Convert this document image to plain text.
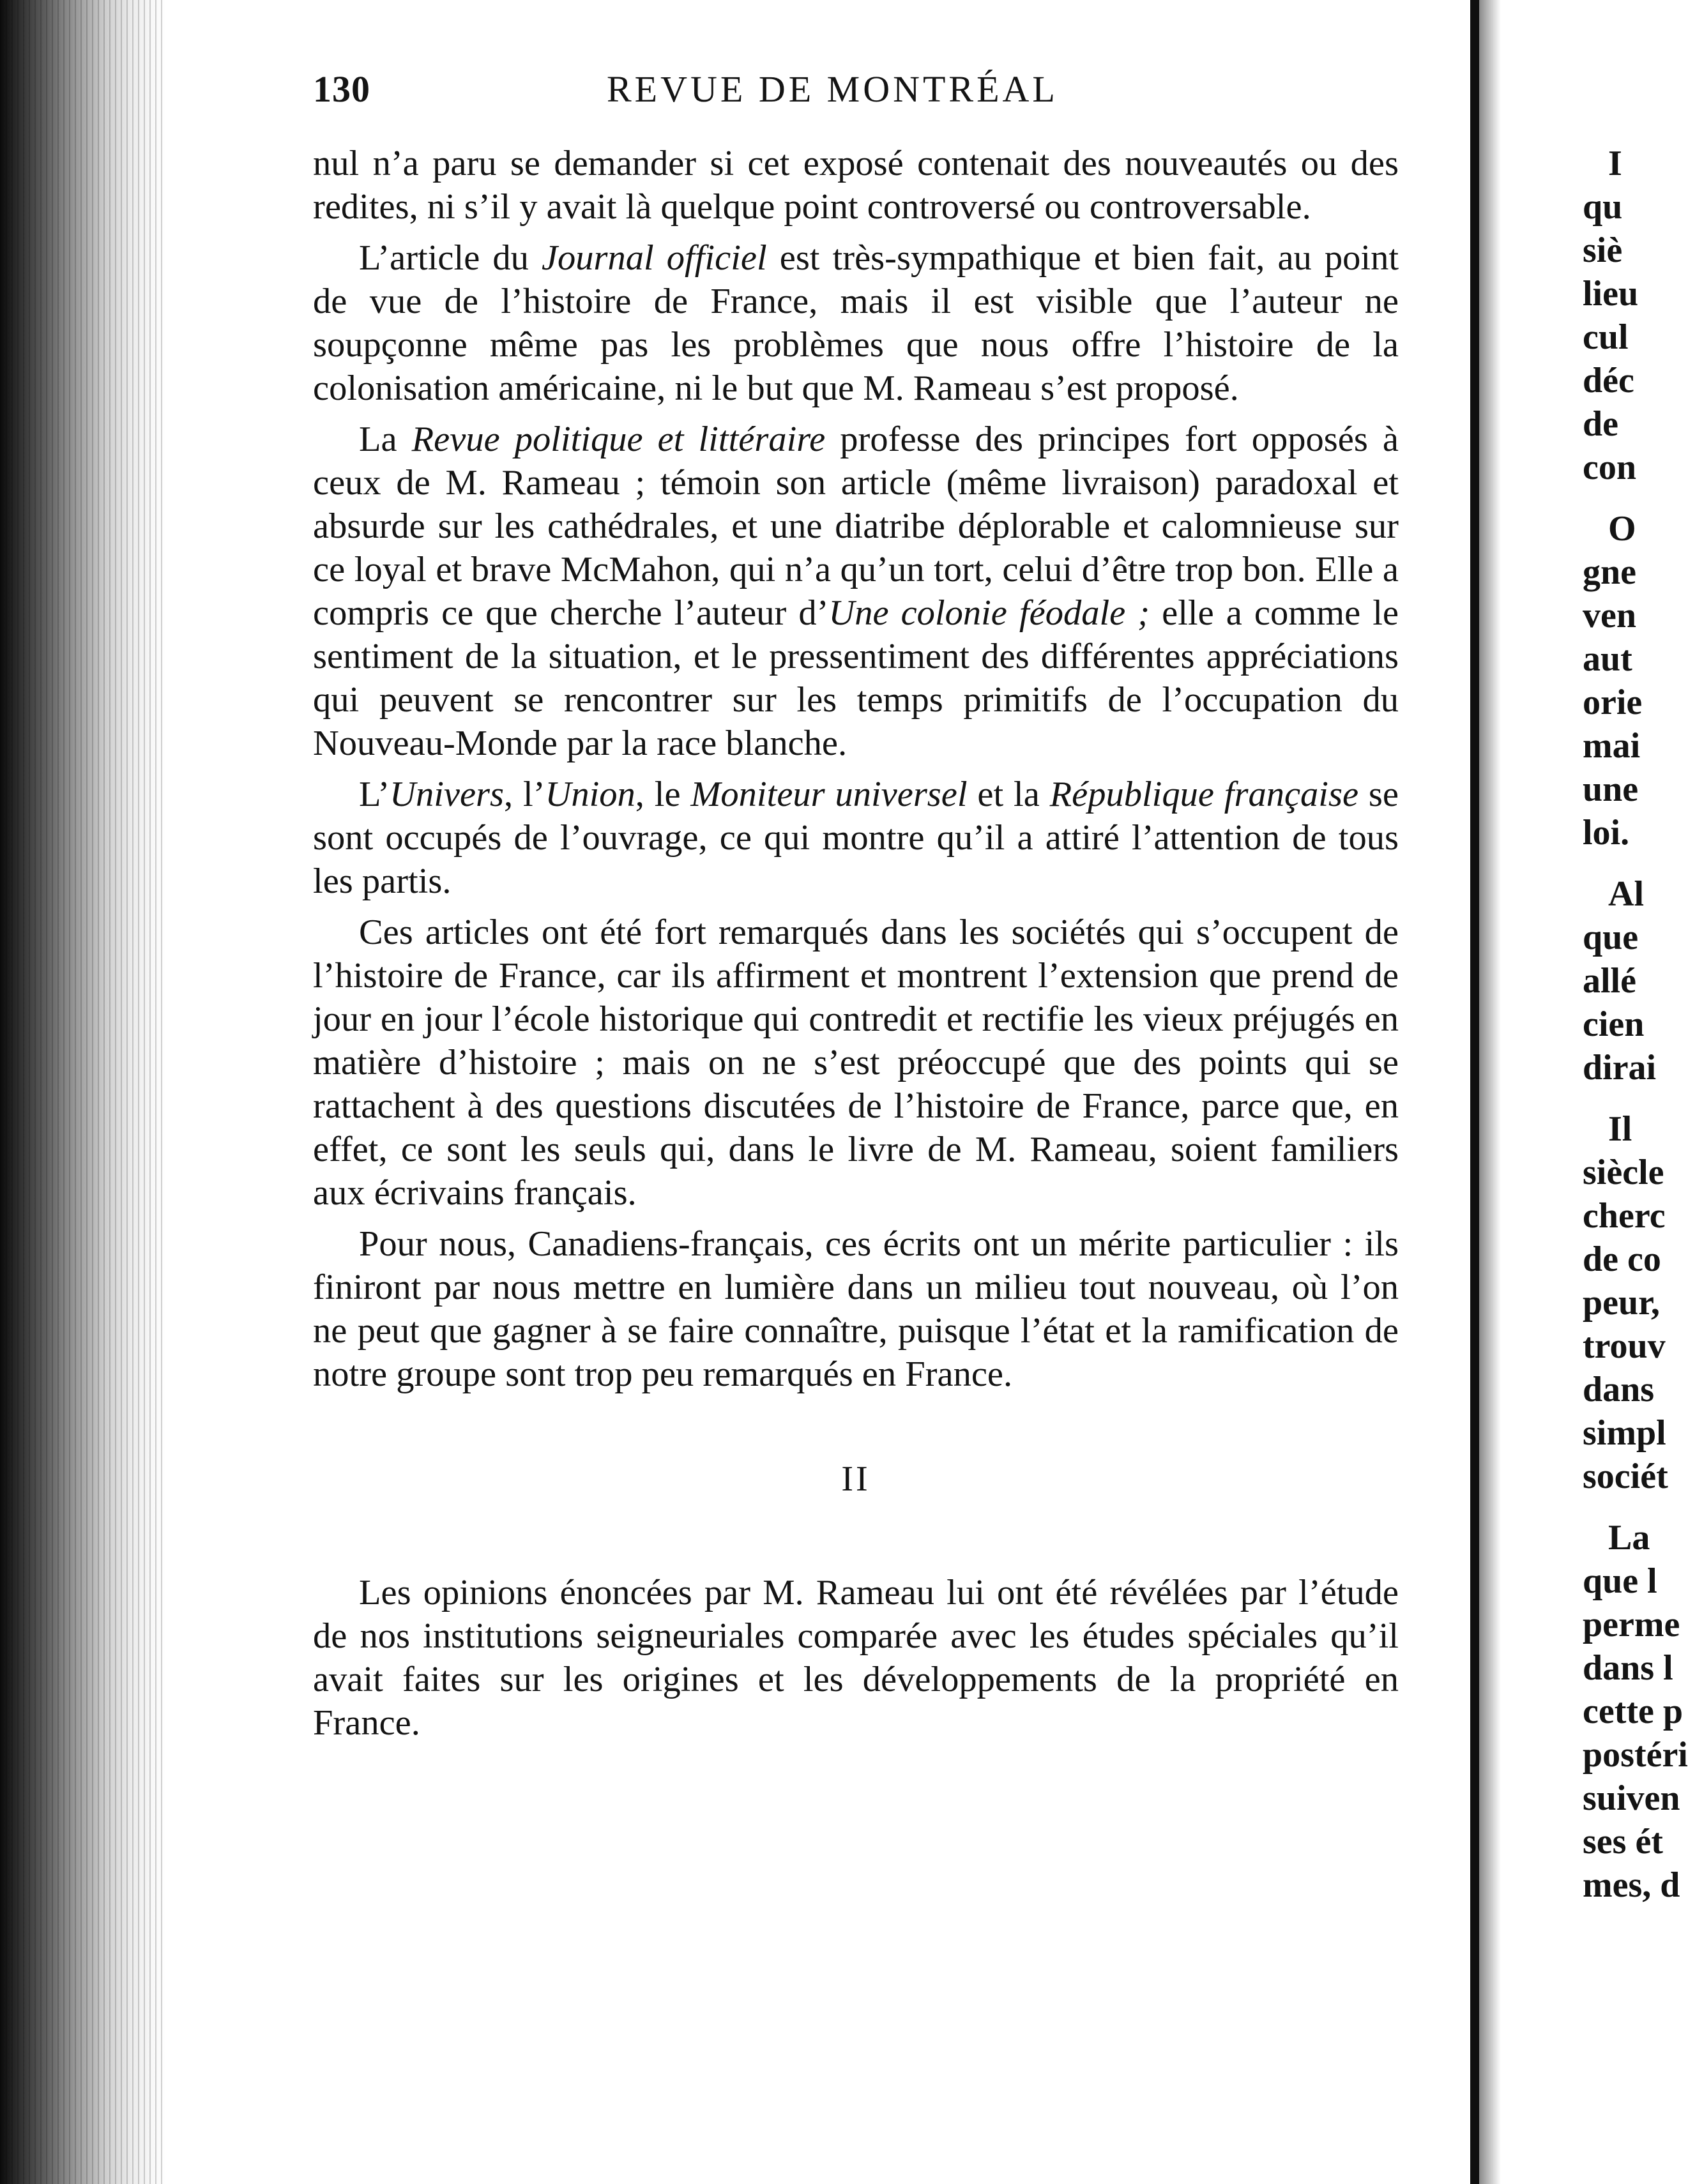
130	REVUE DE MONTRÉAL

nul n’a paru se demander si cet exposé contenait des nouveautés ou des redites, ni s’il y avait là quelque point controversé ou controversable.

L’article du Journal officiel est très-sympathique et bien fait, au point de vue de l’histoire de France, mais il est visible que l’auteur ne soupçonne même pas les problèmes que nous offre l’histoire de la colonisation américaine, ni le but que M. Rameau s’est proposé.

La Revue politique et littéraire professe des principes fort opposés à ceux de M. Rameau ; témoin son article (même livraison) paradoxal et absurde sur les cathédrales, et une diatribe déplorable et calomnieuse sur ce loyal et brave McMahon, qui n’a qu’un tort, celui d’être trop bon. Elle a compris ce que cherche l’auteur d’Une colonie féodale ; elle a comme le sentiment de la situation, et le pressentiment des différentes appréciations qui peuvent se rencontrer sur les temps primitifs de l’occupation du Nouveau-Monde par la race blanche.

L’Univers, l’Union, le Moniteur universel et la République française se sont occupés de l’ouvrage, ce qui montre qu’il a attiré l’attention de tous les partis.

Ces articles ont été fort remarqués dans les sociétés qui s’occupent de l’histoire de France, car ils affirment et montrent l’extension que prend de jour en jour l’école historique qui contredit et rectifie les vieux préjugés en matière d’histoire ; mais on ne s’est préoccupé que des points qui se rattachent à des questions discutées de l’histoire de France, parce que, en effet, ce sont les seuls qui, dans le livre de M. Rameau, soient familiers aux écrivains français.

Pour nous, Canadiens-français, ces écrits ont un mérite particulier : ils finiront par nous mettre en lumière dans un milieu tout nouveau, où l’on ne peut que gagner à se faire connaître, puisque l’état et la ramification de notre groupe sont trop peu remarqués en France.

II

Les opinions énoncées par M. Rameau lui ont été révélées par l’étude de nos institutions seigneuriales comparée avec les études spéciales qu’il avait faites sur les origines et les développements de la propriété en France.

I
qu
siè
lieu
cul
déc
de
con
O
gne
ven
aut
orie
mai
une
loi.
Al
que
allé
cien
dirai
Il
siècle
cherc
de co
peur,
trouv
dans
simpl
sociét
La
que l
perme
dans l
cette p
postéri
suiven
ses ét
mes, d
